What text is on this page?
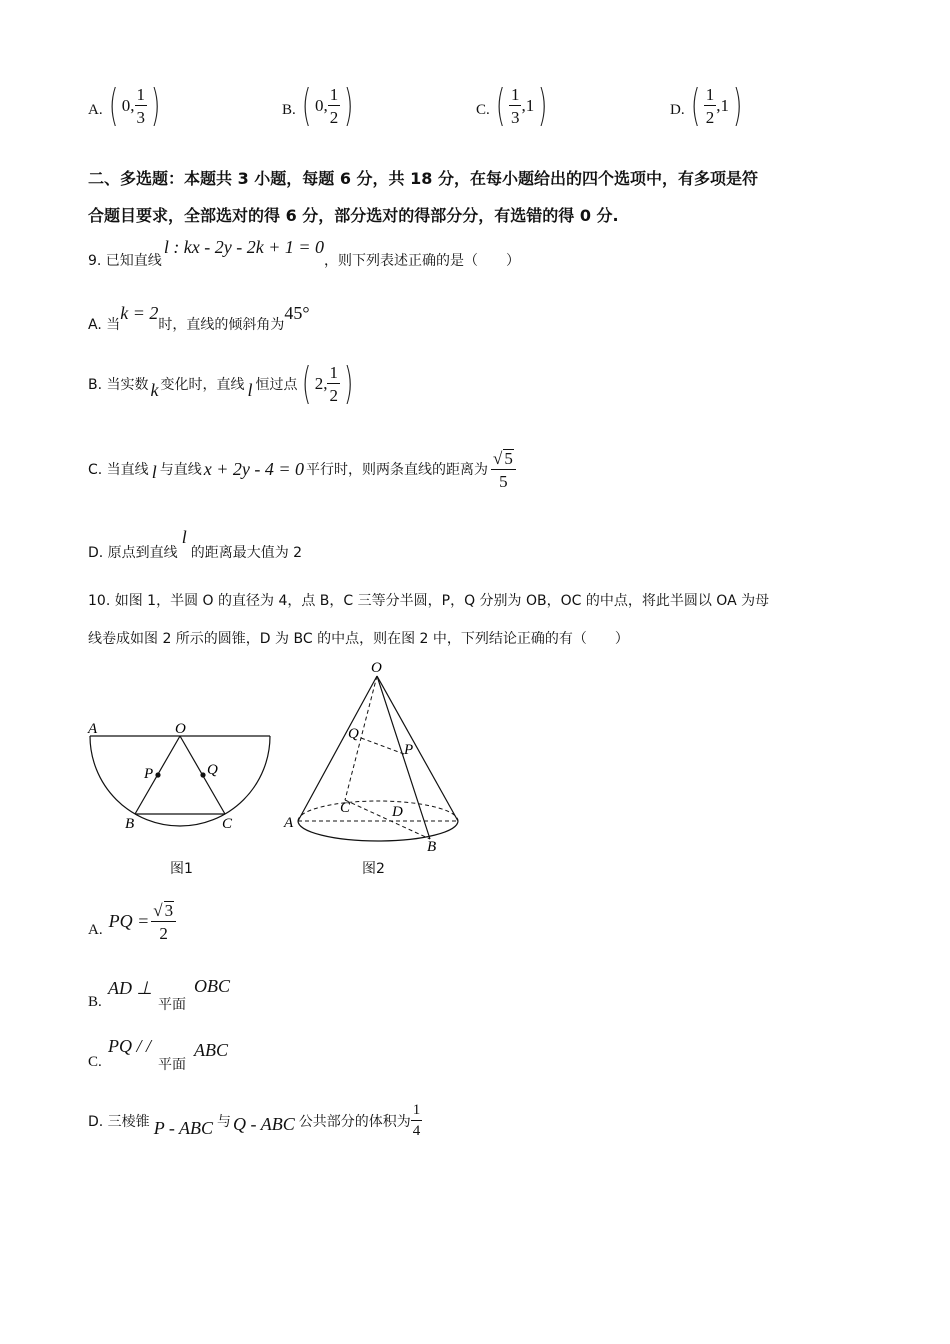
A. ( 0 , $\frac{1}{3}$ )	B. ( 0 , $\frac{1}{2}$ )	C. ( $\frac{1}{3}$ , 1 )	D. ( $\frac{1}{2}$ , 1 )
二、多选题：本题共 3 小题，每题 6 分，共 18 分，在每小题给出的四个选项中，有多项是符
合题目要求，全部选对的得 6 分，部分选对的得部分分，有选错的得 0 分.
9. 已知直线
l : kx - 2y - 2k + 1 = 0
，则下列表述正确的是（　　）
A. 当
k = 2
时，直线的倾斜角为
45°
B. 当实数 k 变化时，直线 l 恒过点 ( 2, $\frac{1}{2}$ )
C. 当直线 l 与直线 x + 2y - 4 = 0 平行时，则两条直线的距离为 $\frac{√ 5}{5}$
D. 原点到直线
l
的距离最大值为 2
10. 如图 1，半圆 O 的直径为 4，点 B，C 三等分半圆，P，Q 分别为 OB，OC 的中点，将此半圆以 OA 为母
线卷成如图 2 所示的圆锥，D 为 BC 的中点，则在图 2 中，下列结论正确的有（　　）
A	O
P	Q
B	C
图1
O
Q
P
C	D
A
B
图2
A. PQ = $\frac{√ 3}{2}$
B.
AD ⊥
平面
OBC
C.
PQ / /
平面
ABC
D. 三棱锥 P - ABC 与 Q - ABC 公共部分的体积为 $\frac{1}{4}$
